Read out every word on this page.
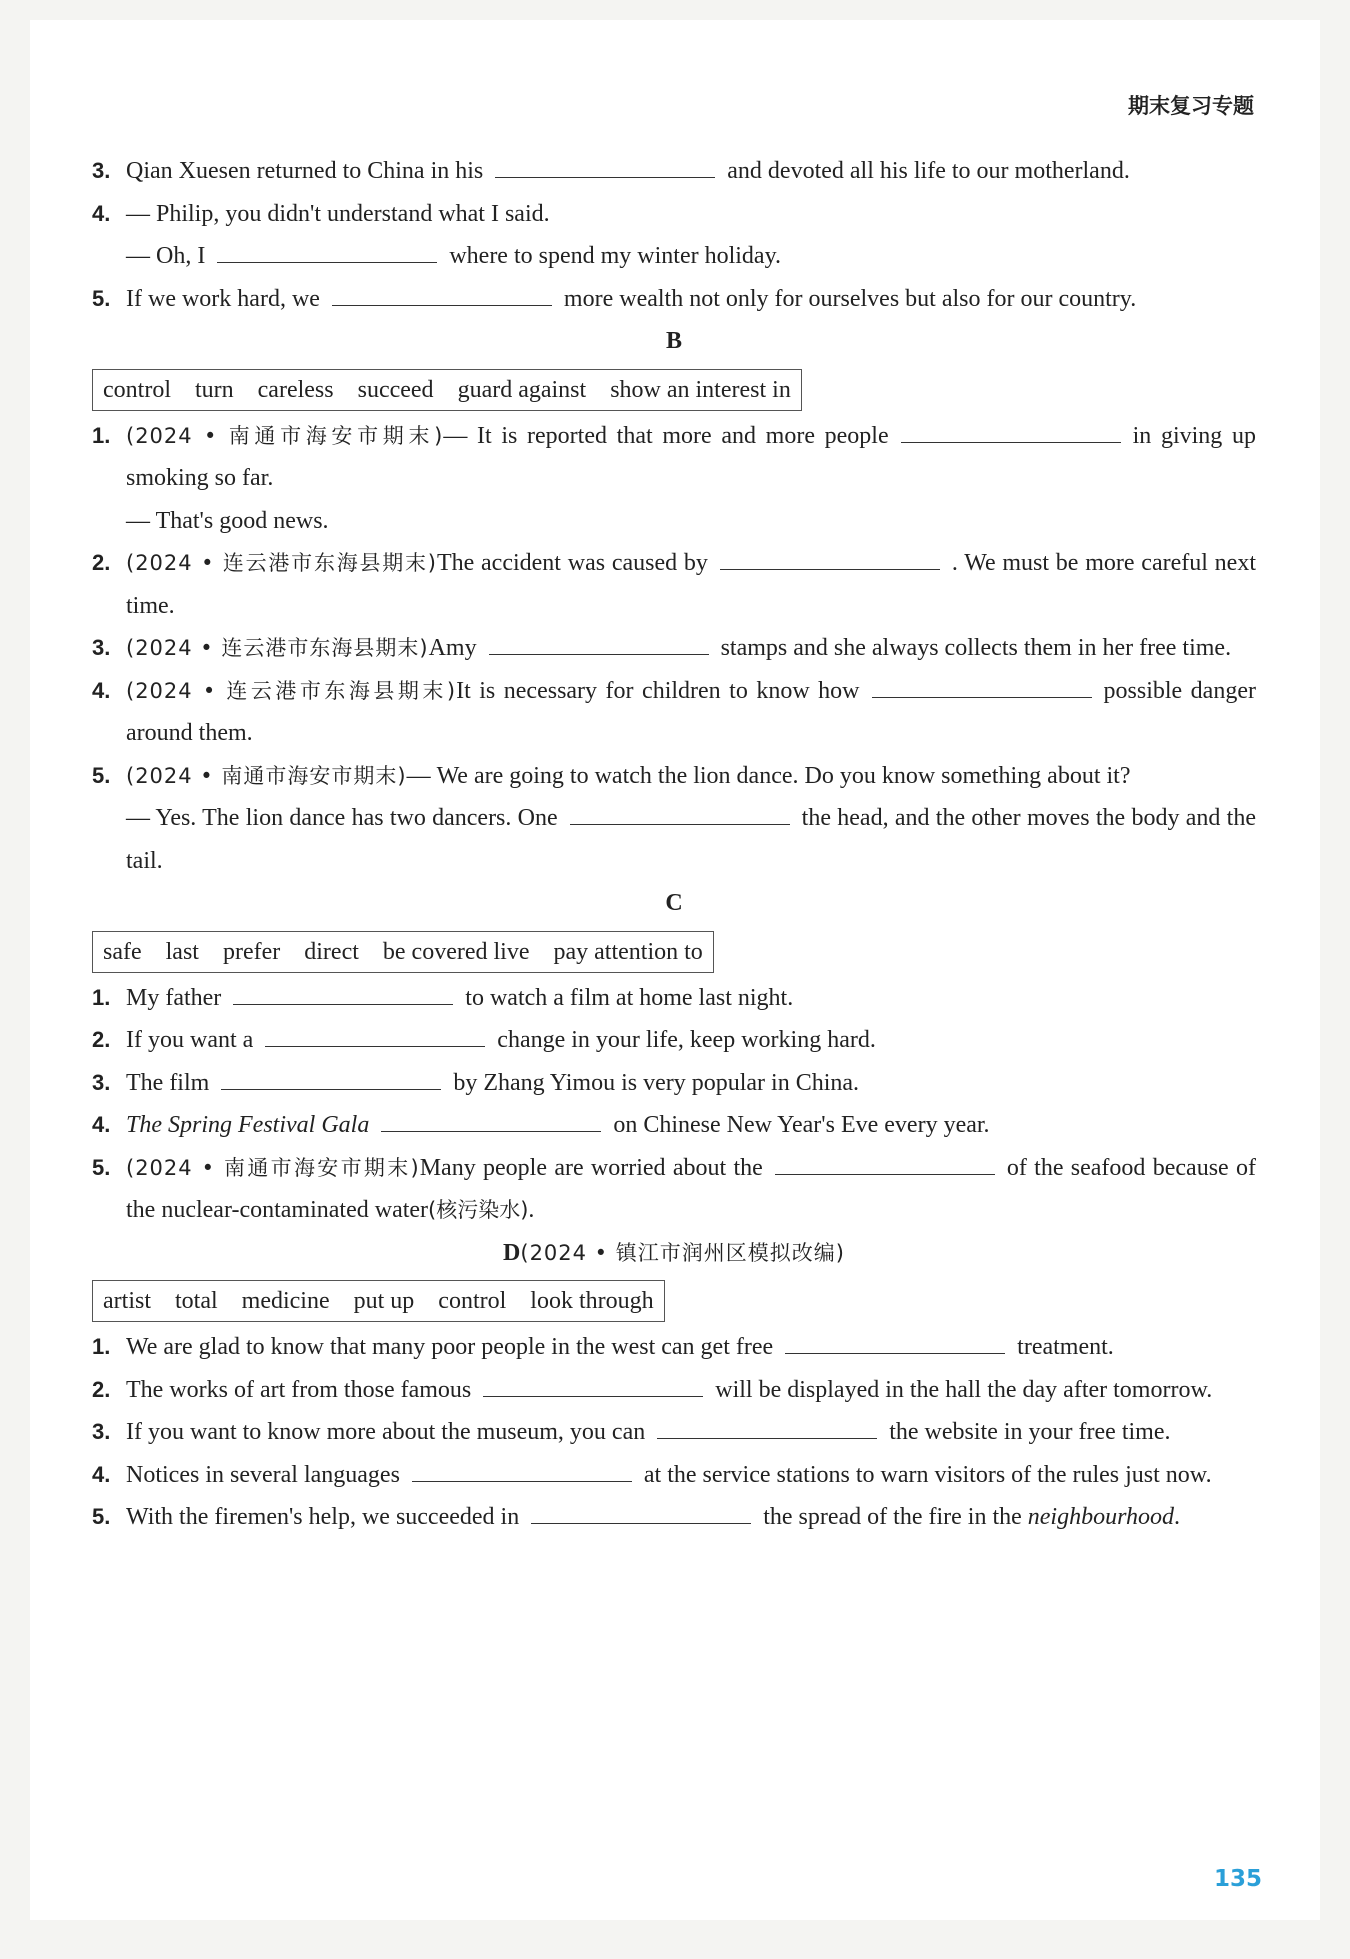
期末复习专题
3. Qian Xuesen returned to China in his	and devoted all his life to our motherland.
4. — Philip, you didn't understand what I said.
— Oh, I	where to spend my winter holiday.
5. If we work hard, we	more wealth not only for ourselves but also for our country.
B
control turn careless succeed guard against show an interest in
1. (2024 • 南通市海安市期末)— It is reported that more and more people	in giving up smoking so far.
— That's good news.
2. (2024 • 连云港市东海县期末)The accident was caused by	. We must be more careful next time.
3. (2024 • 连云港市东海县期末)Amy	stamps and she always collects them in her free time.
4. (2024 • 连云港市东海县期末)It is necessary for children to know how	possible danger around them.
5. (2024 • 南通市海安市期末)— We are going to watch the lion dance. Do you know something about it?
— Yes. The lion dance has two dancers. One	the head, and the other moves the body and the tail.
C
safe last prefer direct be covered live pay attention to
1. My father	to watch a film at home last night.
2. If you want a	change in your life, keep working hard.
3. The film	by Zhang Yimou is very popular in China.
4. The Spring Festival Gala	on Chinese New Year's Eve every year.
5. (2024 • 南通市海安市期末)Many people are worried about the	of the seafood because of the nuclear-contaminated water(核污染水).
D(2024 • 镇江市润州区模拟改编)
artist total medicine put up control look through
1. We are glad to know that many poor people in the west can get free	treatment.
2. The works of art from those famous	will be displayed in the hall the day after tomorrow.
3. If you want to know more about the museum, you can	the website in your free time.
4. Notices in several languages	at the service stations to warn visitors of the rules just now.
5. With the firemen's help, we succeeded in	the spread of the fire in the neighbourhood.
135
